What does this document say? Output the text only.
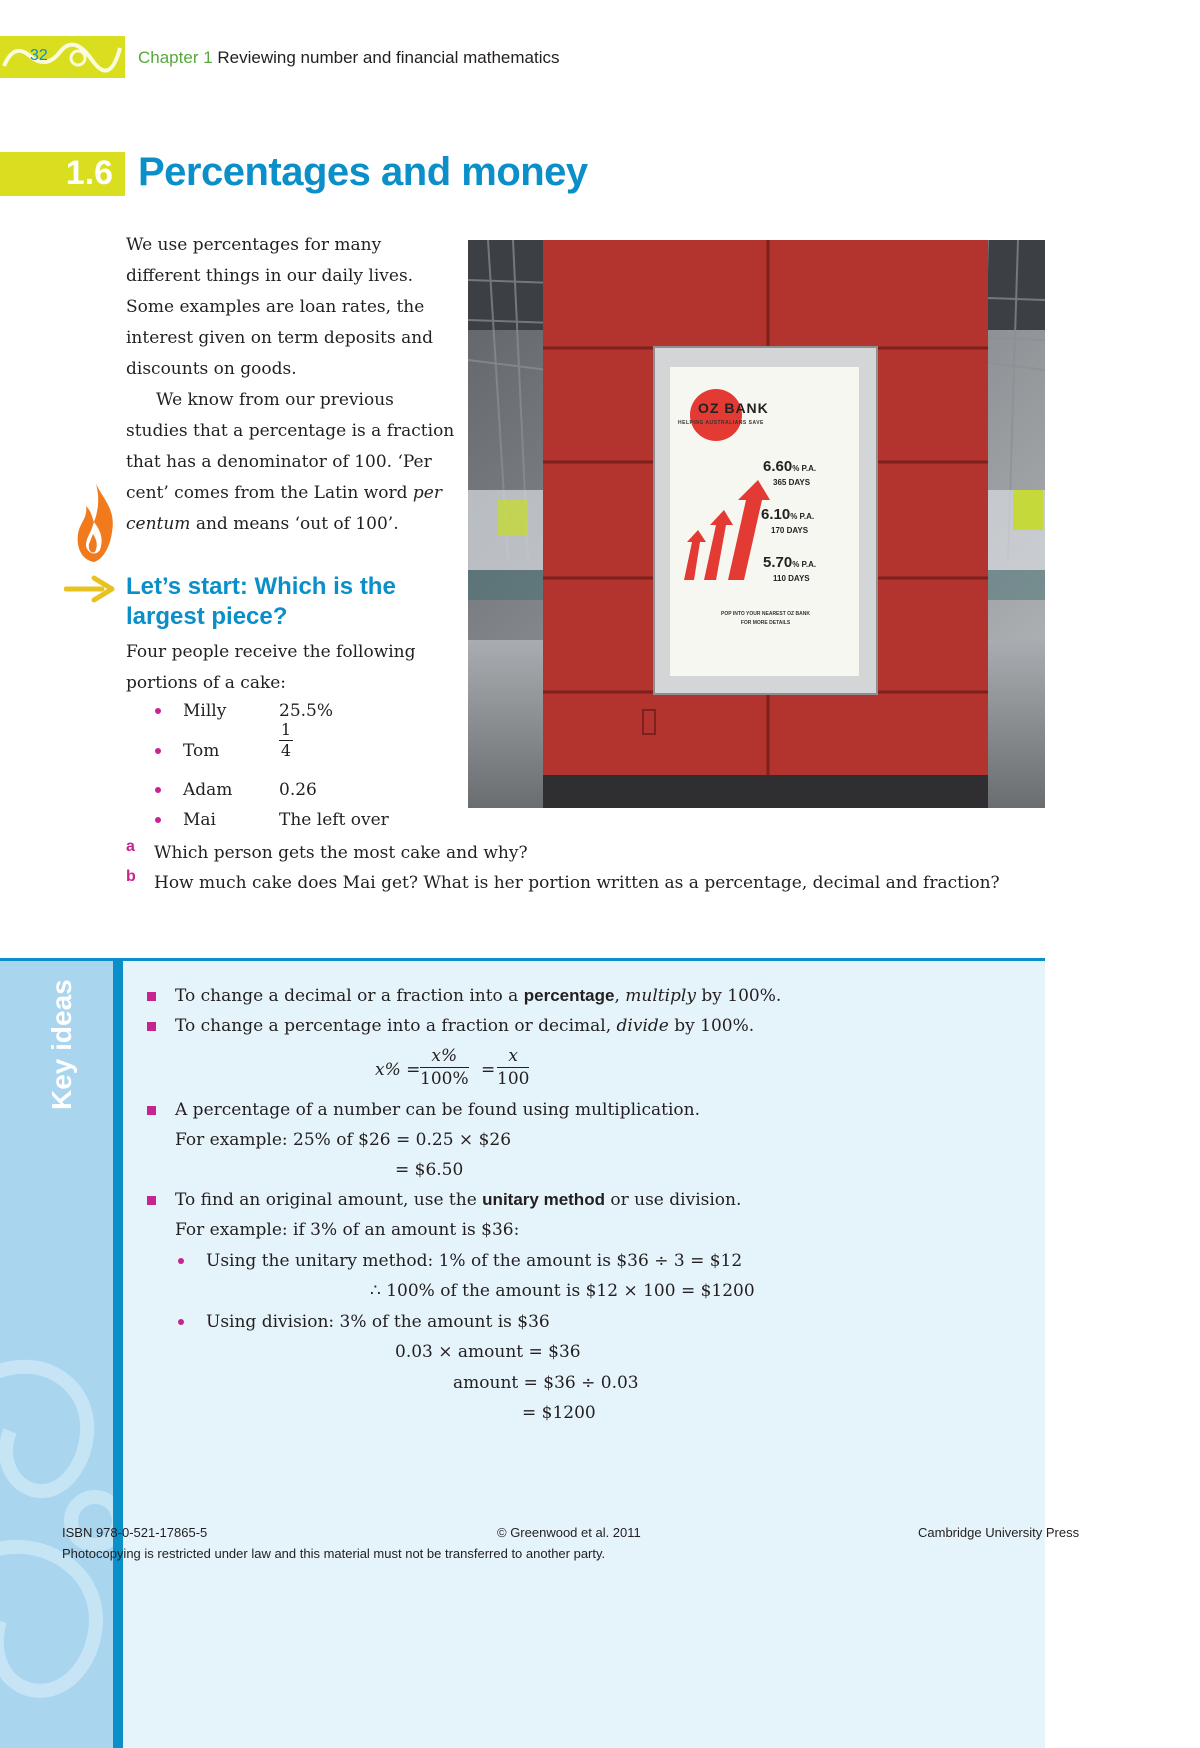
32	Chapter 1 Reviewing number and financial mathematics
1.6 Percentages and money

We use percentages for many different things in our daily lives. Some examples are loan rates, the interest given on term deposits and discounts on goods.

We know from our previous studies that a percentage is a fraction that has a denominator of 100. ‘Per cent’ comes from the Latin word per centum and means ‘out of 100’.

OZ BANK
HELPING AUSTRALIANS SAVE
6.60% P.A.
365 DAYS
6.10% P.A.
170 DAYS
5.70% P.A.
110 DAYS
POP INTO YOUR NEAREST OZ BANK
FOR MORE DETAILS
Let’s start: Which is the
largest piece?
Four people receive the following portions of a cake:
Milly	25.5%
Tom	$\frac{1}{4}$
Adam	0.26
Mai	The left over
a Which person gets the most cake and why?
b How much cake does Mai get? What is her portion written as a percentage, decimal and fraction?
Key ideas	To change a decimal or a fraction into a percentage, multiply by 100%.
To change a percentage into a fraction or decimal, divide by 100%.
x% =
x%
100% =
x
100
A percentage of a number can be found using multiplication.
For example: 25% of $26 = 0.25 × $26
= $6.50
To find an original amount, use the unitary method or use division.
For example: if 3% of an amount is $36:
Using the unitary method: 1% of the amount is $36 ÷ 3 = $12
∴ 100% of the amount is $12 × 100 = $1200
Using division: 3% of the amount is $36
0.03 × amount = $36
amount = $36 ÷ 0.03
= $1200
ISBN 978-0-521-17865-5	© Greenwood et al. 2011	Cambridge University Press
Photocopying is restricted under law and this material must not be transferred to another party.
